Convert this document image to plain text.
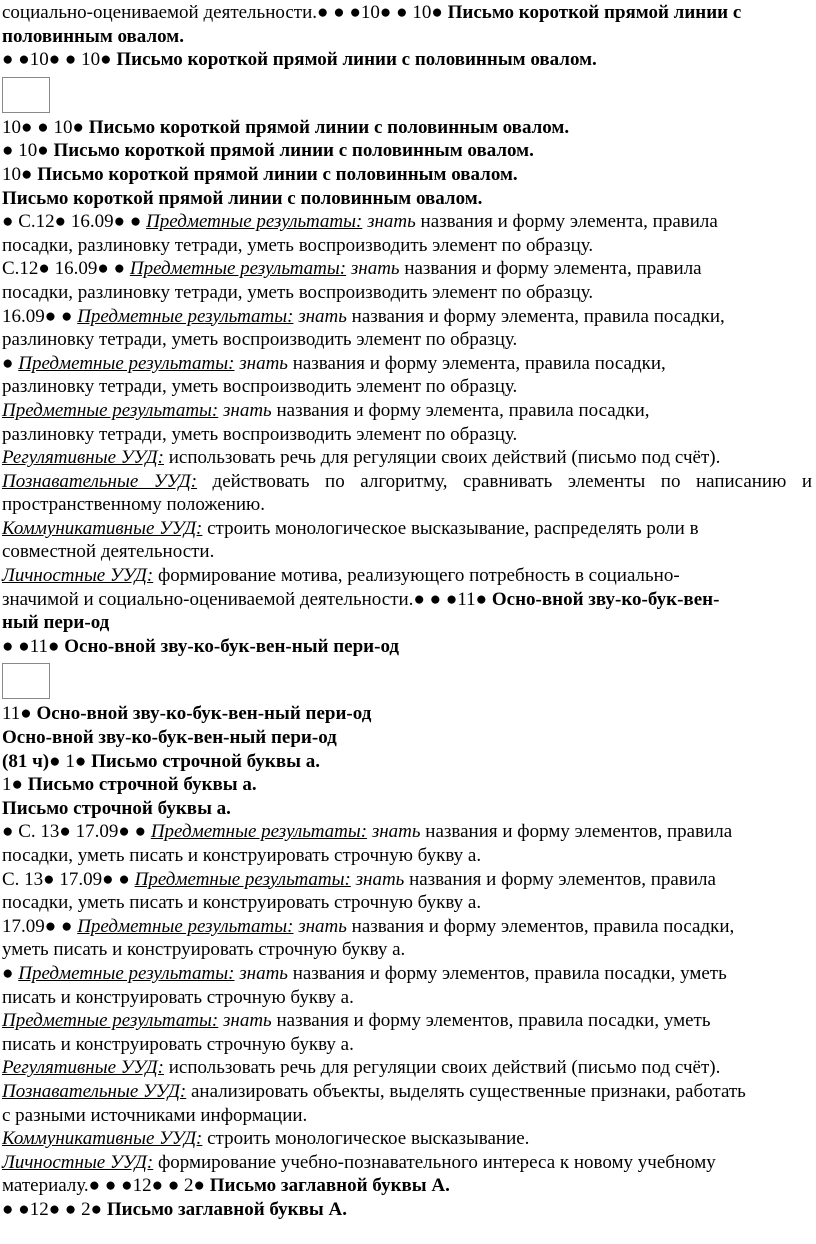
социально-оцениваемой деятельности.● ● ●10● ● 10● Письмо короткой прямой линии с
половинным овалом.
● ●10● ● 10● Письмо короткой прямой линии с половинным овалом.
10● ● 10● Письмо короткой прямой линии с половинным овалом.
● 10● Письмо короткой прямой линии с половинным овалом.
10● Письмо короткой прямой линии с половинным овалом.
Письмо короткой прямой линии с половинным овалом.
● С.12● 16.09● ● Предметные результаты: знать названия и форму элемента, правила
посадки, разлиновку тетради, уметь воспроизводить элемент по образцу.
С.12● 16.09● ● Предметные результаты: знать названия и форму элемента, правила
посадки, разлиновку тетради, уметь воспроизводить элемент по образцу.
16.09● ● Предметные результаты: знать названия и форму элемента, правила посадки,
разлиновку тетради, уметь воспроизводить элемент по образцу.
● Предметные результаты: знать названия и форму элемента, правила посадки,
разлиновку тетради, уметь воспроизводить элемент по образцу.
Предметные результаты: знать названия и форму элемента, правила посадки,
разлиновку тетради, уметь воспроизводить элемент по образцу.
Регулятивные УУД: использовать речь для регуляции своих действий (письмо под счёт).
Познавательные УУД: действовать по алгоритму, сравнивать элементы по написанию и
пространственному положению.
Коммуникативные УУД: строить монологическое высказывание, распределять роли в
совместной деятельности.
Личностные УУД: формирование мотива, реализующего потребность в социально-
значимой и социально-оцениваемой деятельности.● ● ●11● Осно-вной зву-ко-бук-вен-
ный пери-од
● ●11● Осно-вной зву-ко-бук-вен-ный пери-од
11● Осно-вной зву-ко-бук-вен-ный пери-од
Осно-вной зву-ко-бук-вен-ный пери-од
(81 ч)● 1● Письмо строчной буквы а.
1● Письмо строчной буквы а.
Письмо строчной буквы а.
● С. 13● 17.09● ● Предметные результаты: знать названия и форму элементов, правила
посадки, уметь писать и конструировать строчную букву а.
С. 13● 17.09● ● Предметные результаты: знать названия и форму элементов, правила
посадки, уметь писать и конструировать строчную букву а.
17.09● ● Предметные результаты: знать названия и форму элементов, правила посадки,
уметь писать и конструировать строчную букву а.
● Предметные результаты: знать названия и форму элементов, правила посадки, уметь
писать и конструировать строчную букву а.
Предметные результаты: знать названия и форму элементов, правила посадки, уметь
писать и конструировать строчную букву а.
Регулятивные УУД: использовать речь для регуляции своих действий (письмо под счёт).
Познавательные УУД: анализировать объекты, выделять существенные признаки, работать
с разными источниками информации.
Коммуникативные УУД: строить монологическое высказывание.
Личностные УУД: формирование учебно-познавательного интереса к новому учебному
материалу.● ● ●12● ● 2● Письмо заглавной буквы А.
● ●12● ● 2● Письмо заглавной буквы А.
